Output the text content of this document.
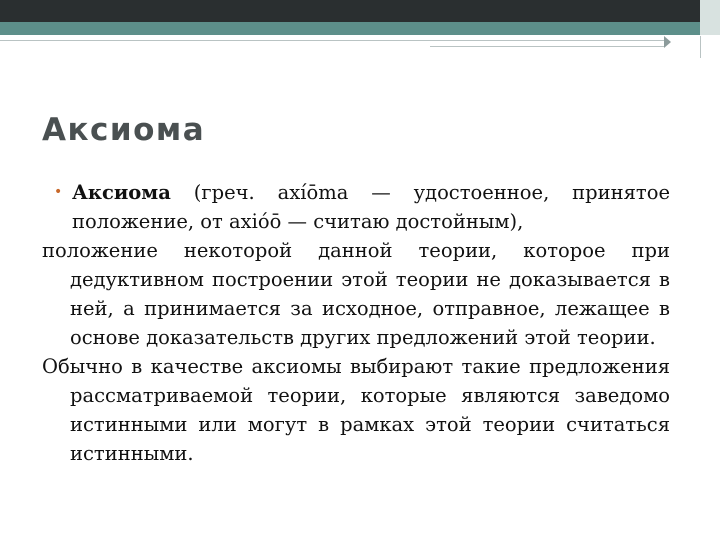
Аксиома

• Аксиома (греч. axíōma — удостоенное, принятое положение, от axióō — считаю достойным),

положение некоторой данной теории, которое при дедуктивном построении этой теории не доказывается в ней, а принимается за исходное, отправное, лежащее в основе доказательств других предложений этой теории.

Обычно в качестве аксиомы выбирают такие предложения рассматриваемой теории, которые являются заведомо истинными или могут в рамках этой теории считаться истинными.
